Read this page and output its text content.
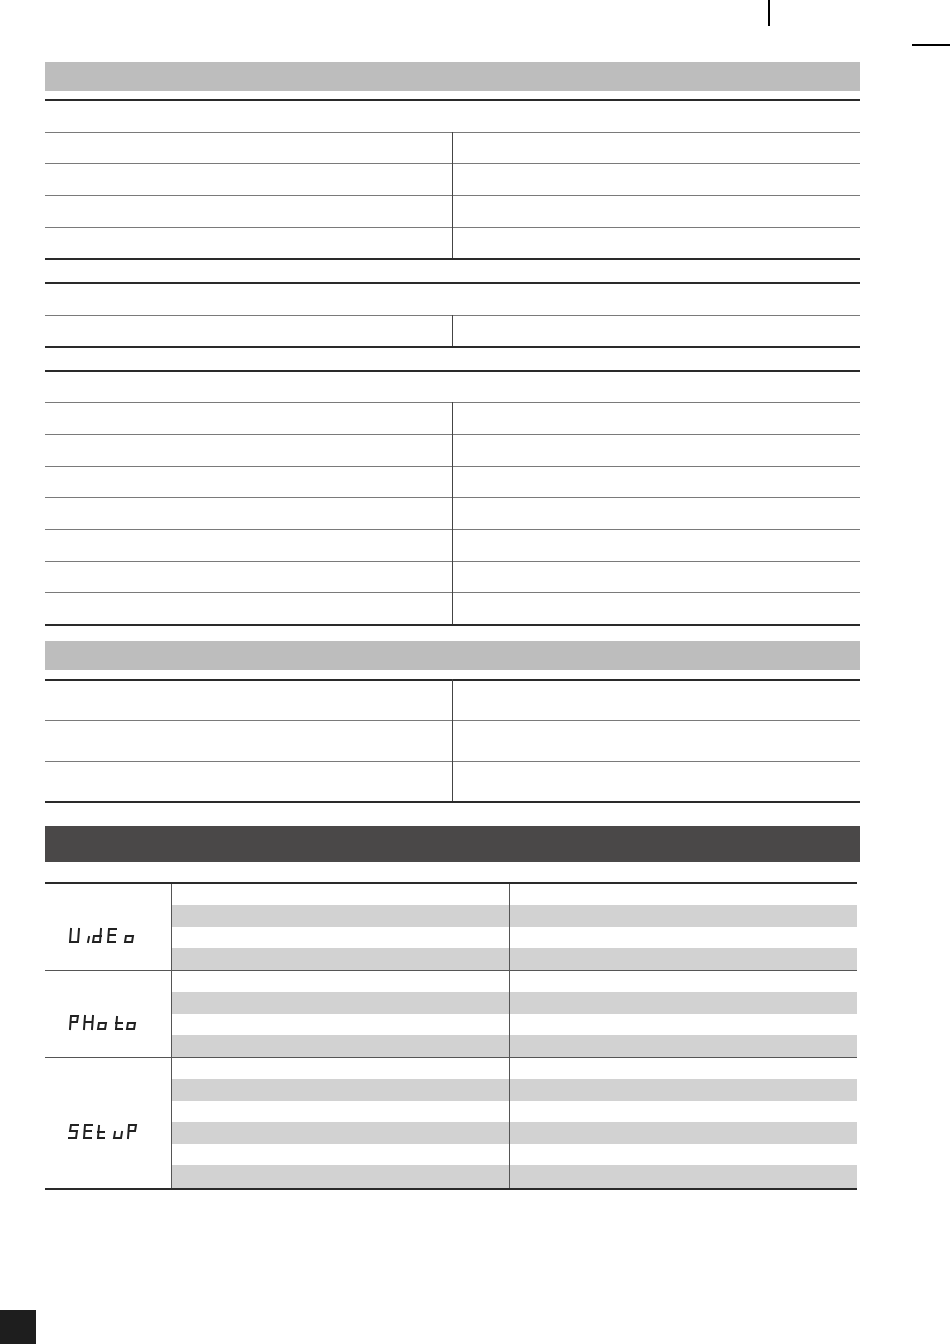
UidEo
PHoto
SEt uP
